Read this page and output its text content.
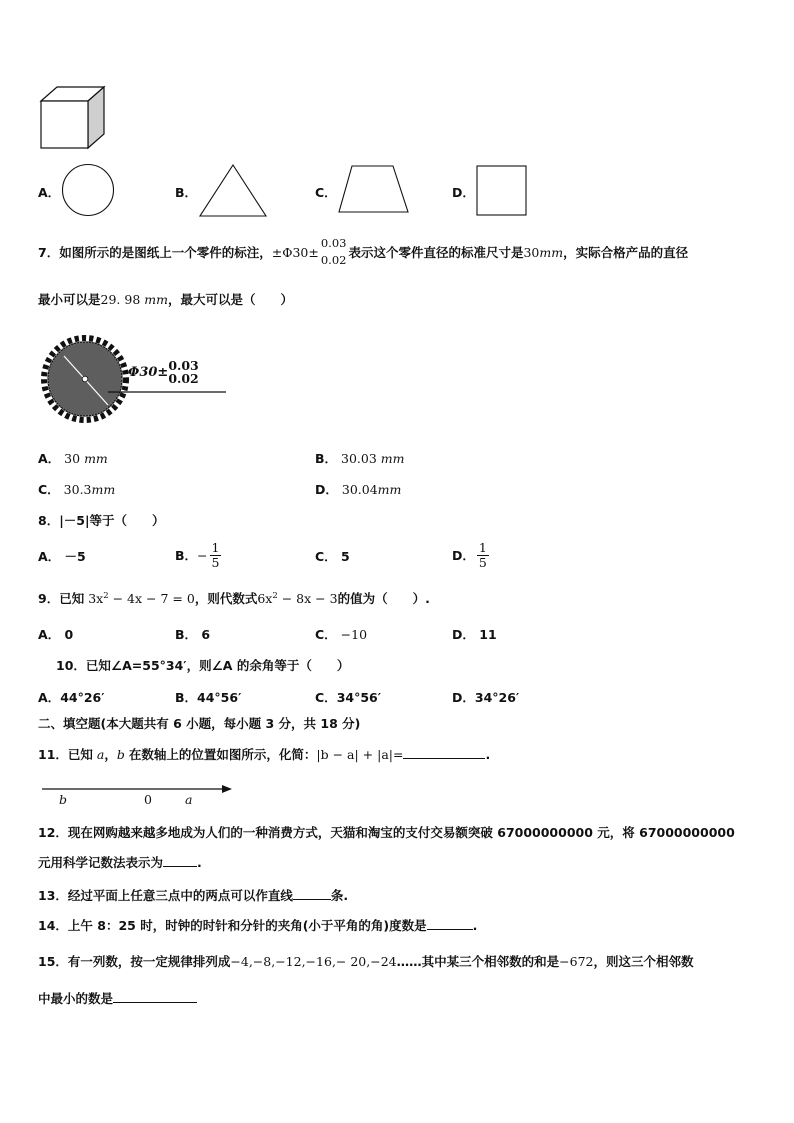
A．	B．	C．	D．
7． 如图所示的是图纸上一个零件的标注， ± Φ30 ±
0.03
0.02 表示这个零件直径的标准尺寸是 30 mm ，实际合格产品的直径
最小可以是29. 98 mm，最大可以是（　　）
Φ30± 0.03
0.02
A． 30 mm	B． 30.03 mm
C． 30.3mm	D． 30.04mm
8．|－5|等于（　　）
A． －5	B． − $\frac{1}{5}$	C． 5	D． $\frac{1}{5}$
9．已知 $3x^2 - 4x - 7 = 0$，则代数式$6x^2 - 8x - 3$的值为（　　）.
A． 0	B． 6	C． −10	D． 11
10．已知∠A=55°34′，则∠A 的余角等于（　　）
A．44°26′	B．44°56′	C．34°56′	D．34°26′
二、填空题(本大题共有 6 小题，每小题 3 分，共 18 分)
11．已知 a，b 在数轴上的位置如图所示，化简：|b − a| + |a|=	.
b	0	a
12．现在网购越来越多地成为人们的一种消费方式，天猫和淘宝的支付交易额突破 67000000000 元，将 67000000000
元用科学记数法表示为	.
13．经过平面上任意三点中的两点可以作直线	条.
14．上午 8：25 时，时钟的时针和分针的夹角(小于平角的角)度数是	.
15．有一列数，按一定规律排列成−4,−8,−12,−16,− 20,−24……其中某三个相邻数的和是−672，则这三个相邻数
中最小的数是
